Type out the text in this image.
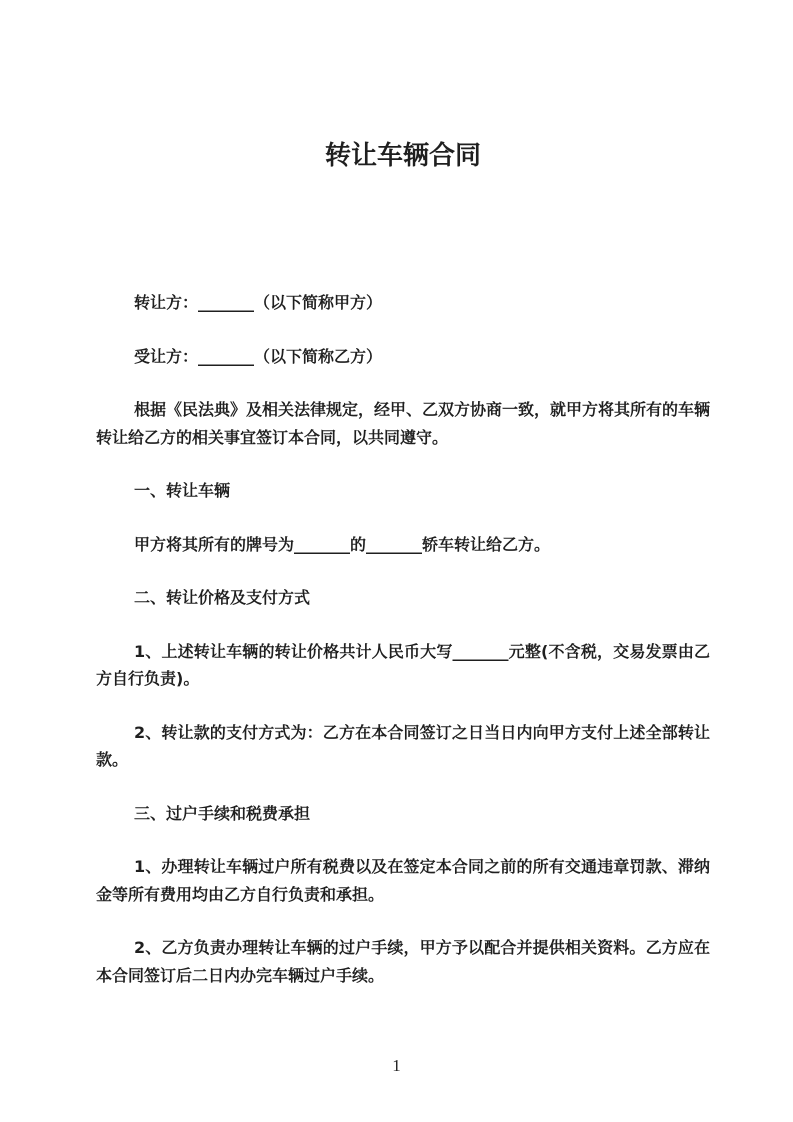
转让车辆合同

转让方：_______（以下简称甲方）

受让方：_______（以下简称乙方）

根据《民法典》及相关法律规定，经甲、乙双方协商一致，就甲方将其所有的车辆转让给乙方的相关事宜签订本合同，以共同遵守。

一、转让车辆

甲方将其所有的牌号为_______的_______轿车转让给乙方。

二、转让价格及支付方式

1、上述转让车辆的转让价格共计人民币大写_______元整(不含税，交易发票由乙方自行负责)。

2、转让款的支付方式为：乙方在本合同签订之日当日内向甲方支付上述全部转让款。

三、过户手续和税费承担

1、办理转让车辆过户所有税费以及在签定本合同之前的所有交通违章罚款、滞纳金等所有费用均由乙方自行负责和承担。

2、乙方负责办理转让车辆的过户手续，甲方予以配合并提供相关资料。乙方应在本合同签订后二日内办完车辆过户手续。

1
